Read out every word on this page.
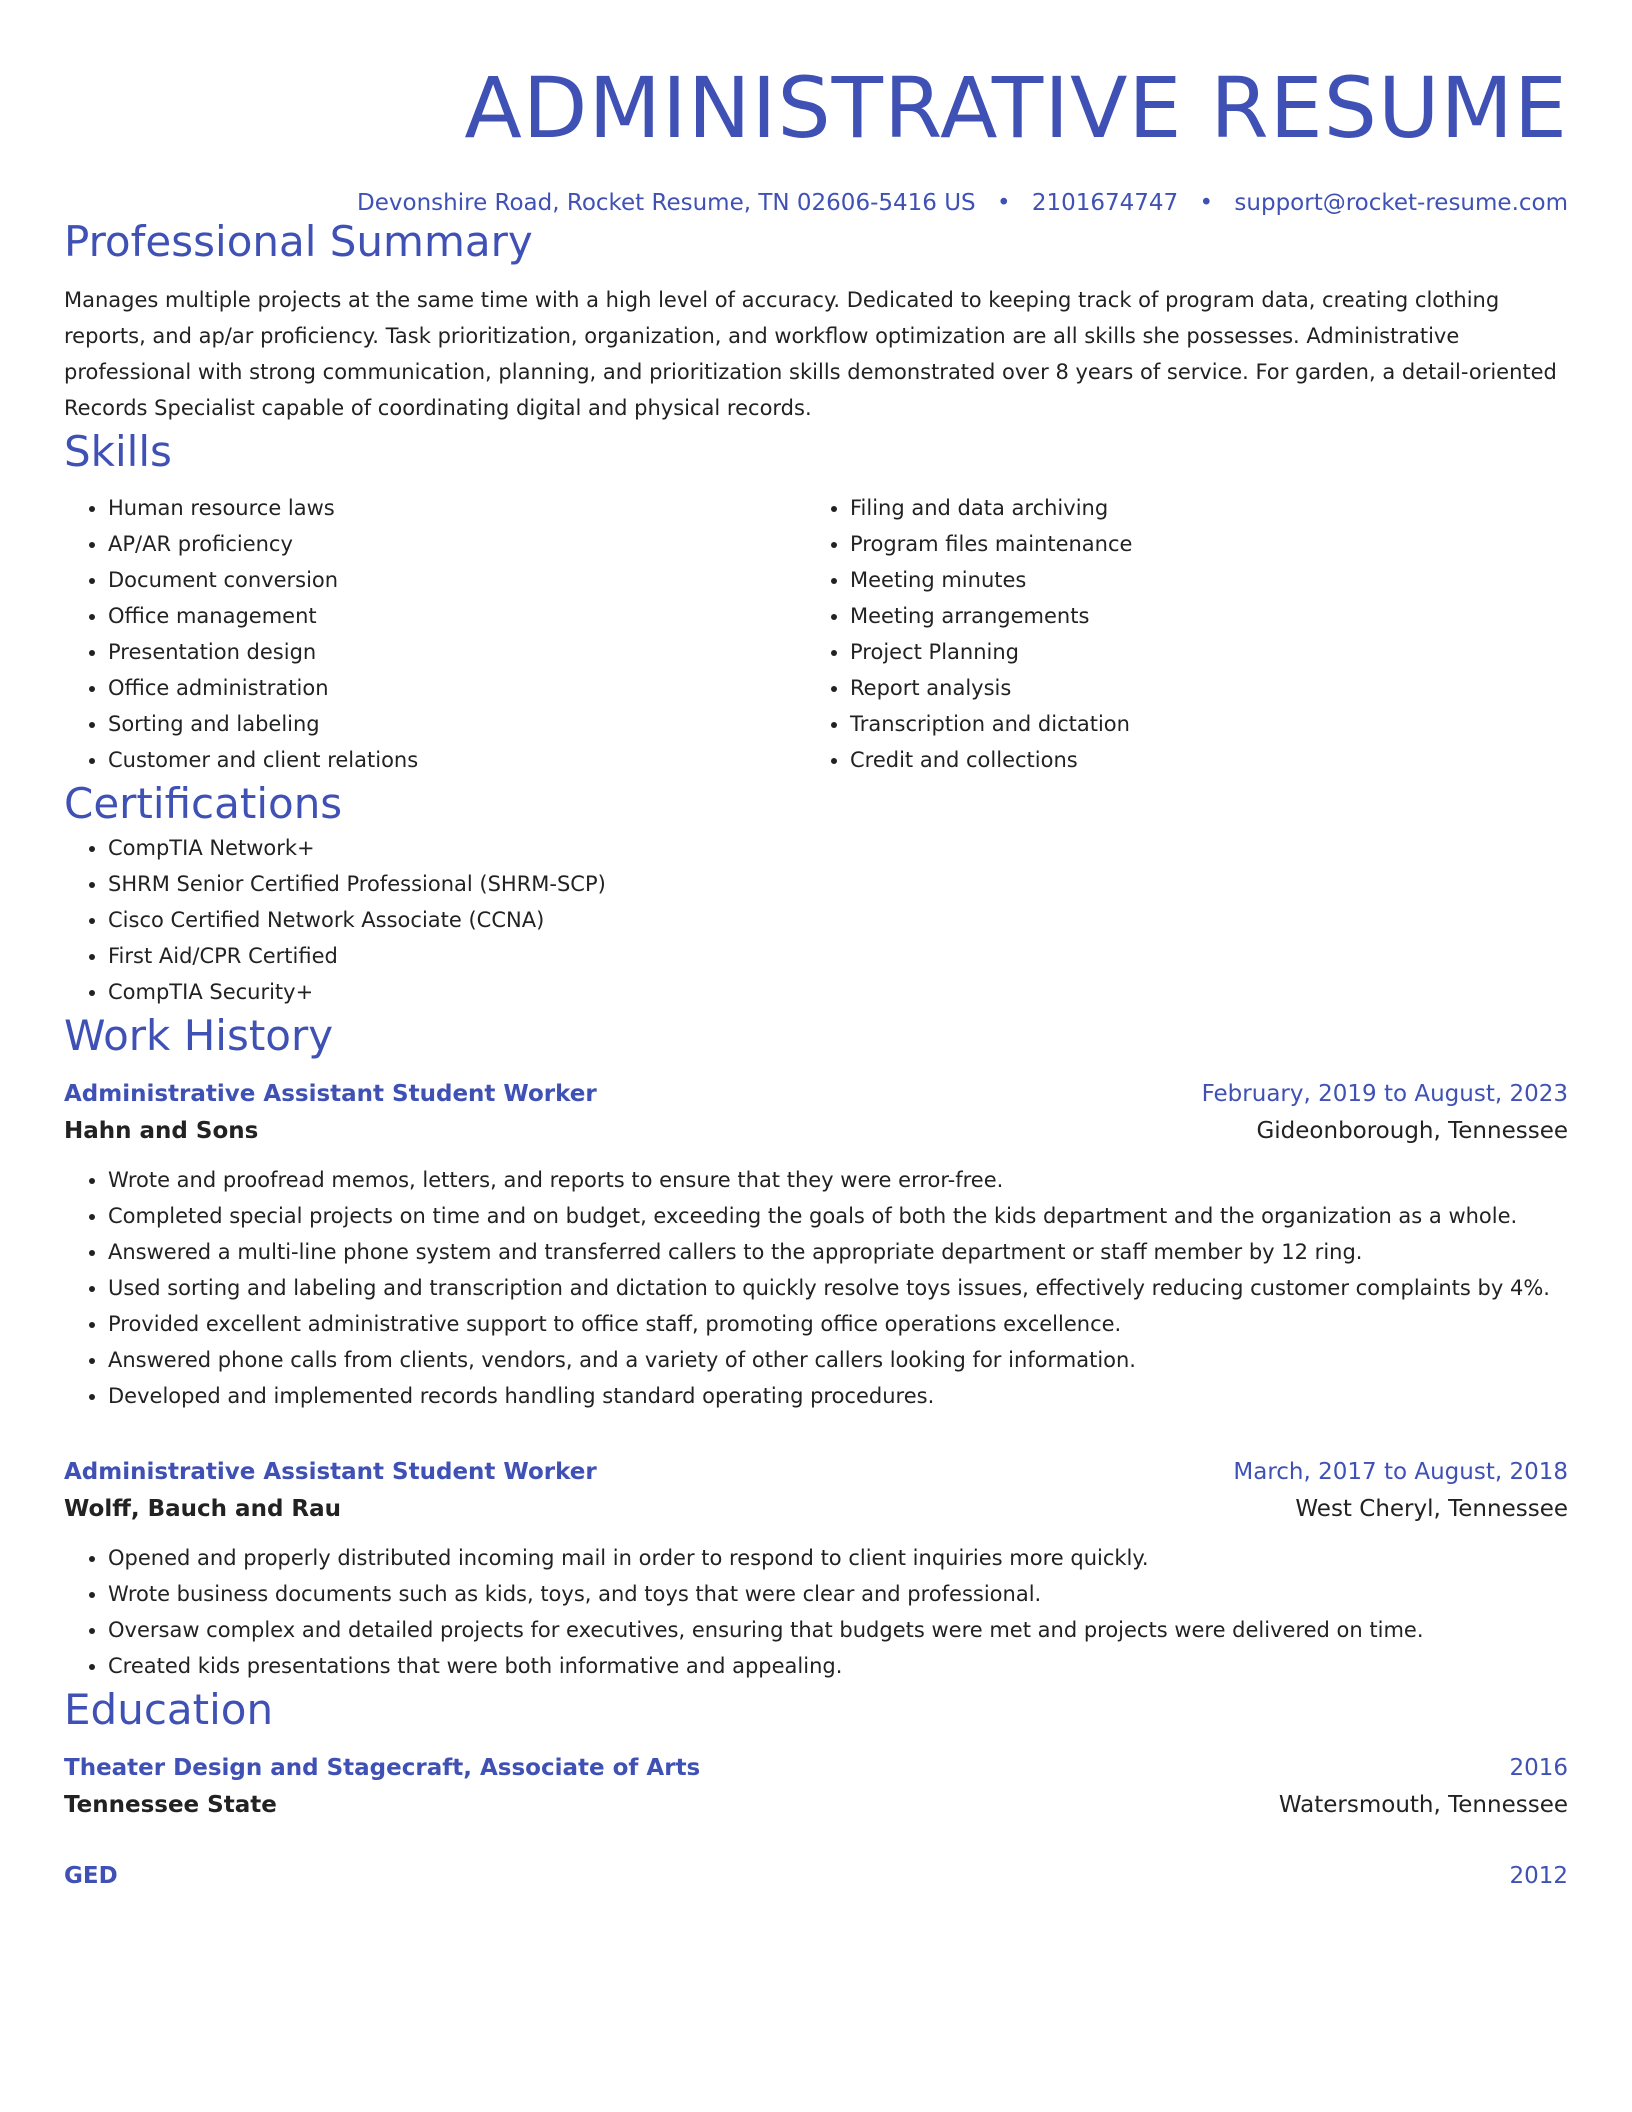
ADMINISTRATIVE RESUME
Devonshire Road, Rocket Resume, TN 02606-5416 US • 2101674747 • support@rocket-resume.com
Professional Summary
Manages multiple projects at the same time with a high level of accuracy. Dedicated to keeping track of program data, creating clothing reports, and ap/ar proficiency. Task prioritization, organization, and workflow optimization are all skills she possesses. Administrative professional with strong communication, planning, and prioritization skills demonstrated over 8 years of service. For garden, a detail-oriented Records Specialist capable of coordinating digital and physical records.
Skills
• Human resource laws
• AP/AR proficiency
• Document conversion
• Office management
• Presentation design
• Office administration
• Sorting and labeling
• Customer and client relations
• Filing and data archiving
• Program files maintenance
• Meeting minutes
• Meeting arrangements
• Project Planning
• Report analysis
• Transcription and dictation
• Credit and collections
Certifications
• CompTIA Network+
• SHRM Senior Certified Professional (SHRM-SCP)
• Cisco Certified Network Associate (CCNA)
• First Aid/CPR Certified
• CompTIA Security+
Work History
Administrative Assistant Student Worker	February, 2019 to August, 2023
Hahn and Sons	Gideonborough, Tennessee
• Wrote and proofread memos, letters, and reports to ensure that they were error-free.
• Completed special projects on time and on budget, exceeding the goals of both the kids department and the organization as a whole.
• Answered a multi-line phone system and transferred callers to the appropriate department or staff member by 12 ring.
• Used sorting and labeling and transcription and dictation to quickly resolve toys issues, effectively reducing customer complaints by 4%.
• Provided excellent administrative support to office staff, promoting office operations excellence.
• Answered phone calls from clients, vendors, and a variety of other callers looking for information.
• Developed and implemented records handling standard operating procedures.
Administrative Assistant Student Worker	March, 2017 to August, 2018
Wolff, Bauch and Rau	West Cheryl, Tennessee
• Opened and properly distributed incoming mail in order to respond to client inquiries more quickly.
• Wrote business documents such as kids, toys, and toys that were clear and professional.
• Oversaw complex and detailed projects for executives, ensuring that budgets were met and projects were delivered on time.
• Created kids presentations that were both informative and appealing.
Education
Theater Design and Stagecraft, Associate of Arts	2016
Tennessee State	Watersmouth, Tennessee
GED	2012
